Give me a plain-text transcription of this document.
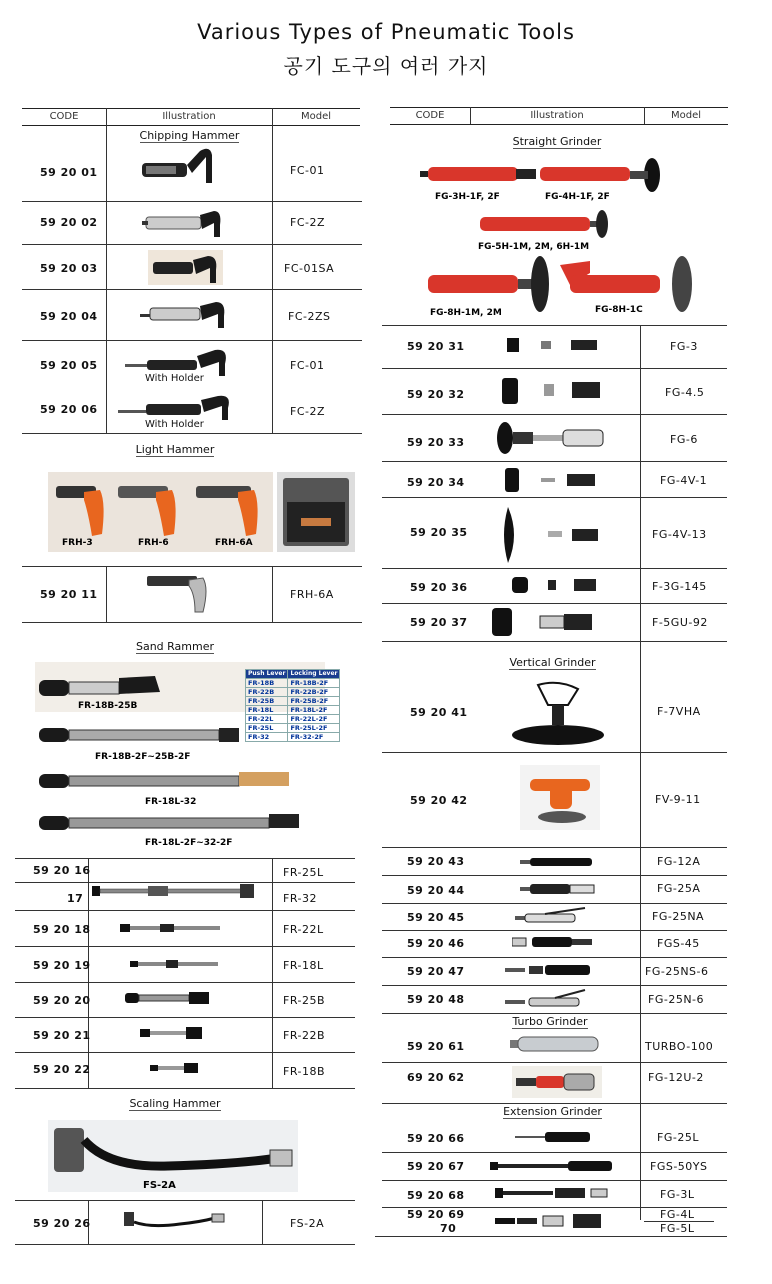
Various Types of Pneumatic Tools
공기 도구의 여러 가지
CODE	Illustration	Model
Chipping Hammer
59 20 01	FC-01
59 20 02	FC-2Z
59 20 03	FC-01SA
59 20 04	FC-2ZS
59 20 05	FC-01
59 20 06	FC-2Z
With Holder
With Holder
Light Hammer
FRH-3	FRH-6	FRH-6A
59 20 11	FRH-6A
Sand Rammer
Push Lever	Locking Lever
FR-18B	FR-18B-2F
FR-22B	FR-22B-2F
FR-25B	FR-25B-2F
FR-18L	FR-18L-2F
FR-22L	FR-22L-2F
FR-25L	FR-25L-2F
FR-32	FR-32-2F
FR-18B-25B
FR-18B-2F~25B-2F
FR-18L-32
FR-18L-2F~32-2F
59 20 16	FR-25L
17	FR-32
59 20 18	FR-22L
59 20 19	FR-18L
59 20 20	FR-25B
59 20 21	FR-22B
59 20 22	FR-18B
Scaling Hammer
FS-2A
59 20 26	FS-2A
CODE	Illustration	Model
Straight Grinder
FG-3H-1F, 2F	FG-4H-1F, 2F
FG-5H-1M, 2M, 6H-1M
FG-8H-1M, 2M	FG-8H-1C
59 20 31	FG-3
59 20 32	FG-4.5
59 20 33	FG-6
59 20 34	FG-4V-1
59 20 35	FG-4V-13
59 20 36	F-3G-145
59 20 37	F-5GU-92
59 20 41	F-7VHA
59 20 42	FV-9-11
59 20 43	FG-12A
59 20 44	FG-25A
59 20 45	FG-25NA
59 20 46	FGS-45
59 20 47	FG-25NS-6
59 20 48	FG-25N-6
59 20 61	TURBO-100
69 20 62	FG-12U-2
59 20 66	FG-25L
59 20 67	FGS-50YS
59 20 68	FG-3L
59 20 69	FG-4L
70	FG-5L
Vertical Grinder
Turbo Grinder
Extension Grinder
